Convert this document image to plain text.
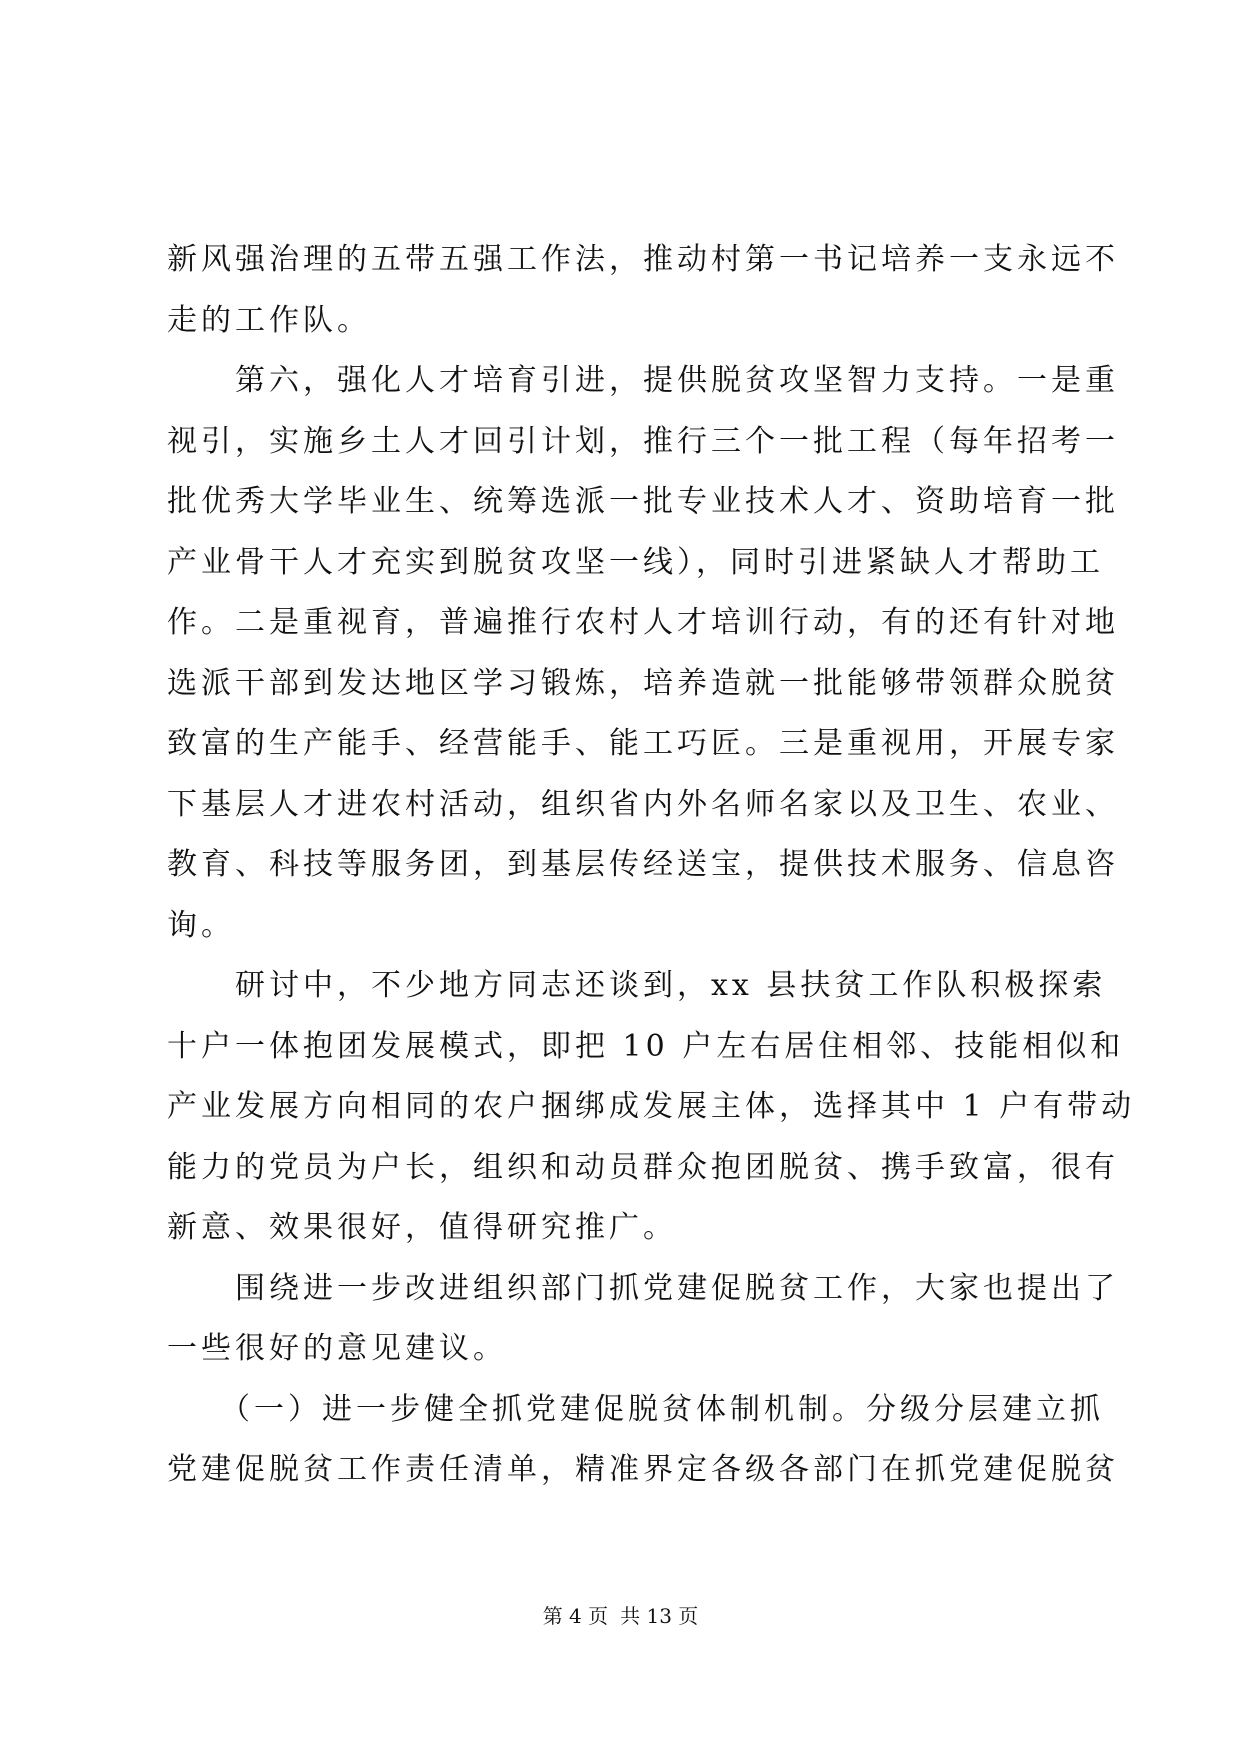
新风强治理的五带五强工作法，推动村第一书记培养一支永远不
走的工作队。
　　第六，强化人才培育引进，提供脱贫攻坚智力支持。一是重
视引，实施乡土人才回引计划，推行三个一批工程（每年招考一
批优秀大学毕业生、统筹选派一批专业技术人才、资助培育一批
产业骨干人才充实到脱贫攻坚一线），同时引进紧缺人才帮助工
作。二是重视育，普遍推行农村人才培训行动，有的还有针对地
选派干部到发达地区学习锻炼，培养造就一批能够带领群众脱贫
致富的生产能手、经营能手、能工巧匠。三是重视用，开展专家
下基层人才进农村活动，组织省内外名师名家以及卫生、农业、
教育、科技等服务团，到基层传经送宝，提供技术服务、信息咨
询。
　　研讨中，不少地方同志还谈到，xx 县扶贫工作队积极探索
十户一体抱团发展模式，即把 10 户左右居住相邻、技能相似和
产业发展方向相同的农户捆绑成发展主体，选择其中 1 户有带动
能力的党员为户长，组织和动员群众抱团脱贫、携手致富，很有
新意、效果很好，值得研究推广。
　　围绕进一步改进组织部门抓党建促脱贫工作，大家也提出了
一些很好的意见建议。
　　（一）进一步健全抓党建促脱贫体制机制。分级分层建立抓
党建促脱贫工作责任清单，精准界定各级各部门在抓党建促脱贫
第 4 页 共 13 页
